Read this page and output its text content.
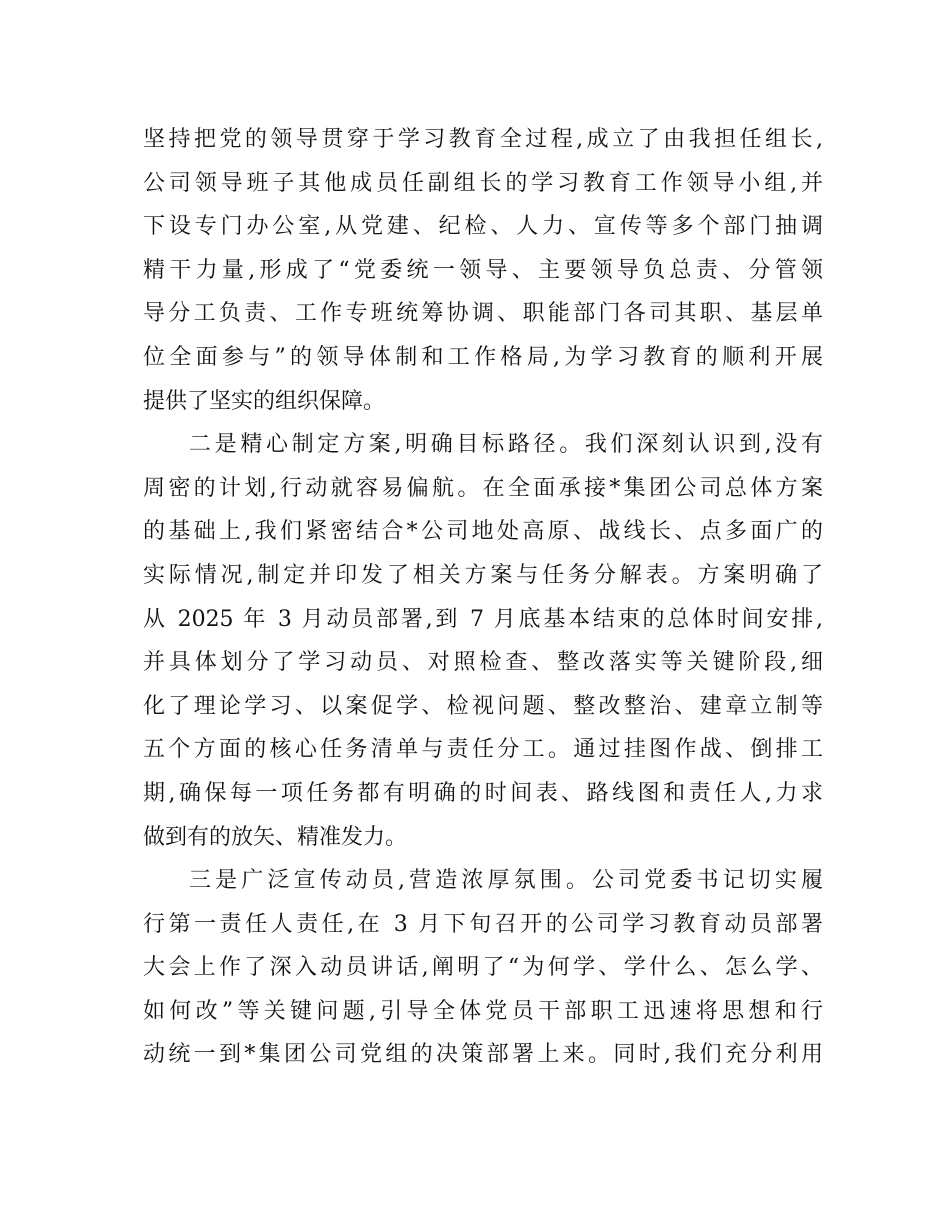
坚持把党的领导贯穿于学习教育全过程,成立了由我担任组长,
公司领导班子其他成员任副组长的学习教育工作领导小组,并
下设专门办公室,从党建、纪检、人力、宣传等多个部门抽调
精干力量,形成了“党委统一领导、主要领导负总责、分管领
导分工负责、工作专班统筹协调、职能部门各司其职、基层单
位全面参与”的领导体制和工作格局,为学习教育的顺利开展
提供了坚实的组织保障。
二是精心制定方案,明确目标路径。我们深刻认识到,没有
周密的计划,行动就容易偏航。在全面承接*集团公司总体方案
的基础上,我们紧密结合*公司地处高原、战线长、点多面广的
实际情况,制定并印发了相关方案与任务分解表。方案明确了
从 2025 年 3 月动员部署,到 7 月底基本结束的总体时间安排,
并具体划分了学习动员、对照检查、整改落实等关键阶段,细
化了理论学习、以案促学、检视问题、整改整治、建章立制等
五个方面的核心任务清单与责任分工。通过挂图作战、倒排工
期,确保每一项任务都有明确的时间表、路线图和责任人,力求
做到有的放矢、精准发力。
三是广泛宣传动员,营造浓厚氛围。公司党委书记切实履
行第一责任人责任,在 3 月下旬召开的公司学习教育动员部署
大会上作了深入动员讲话,阐明了“为何学、学什么、怎么学、
如何改”等关键问题,引导全体党员干部职工迅速将思想和行
动统一到*集团公司党组的决策部署上来。同时,我们充分利用
